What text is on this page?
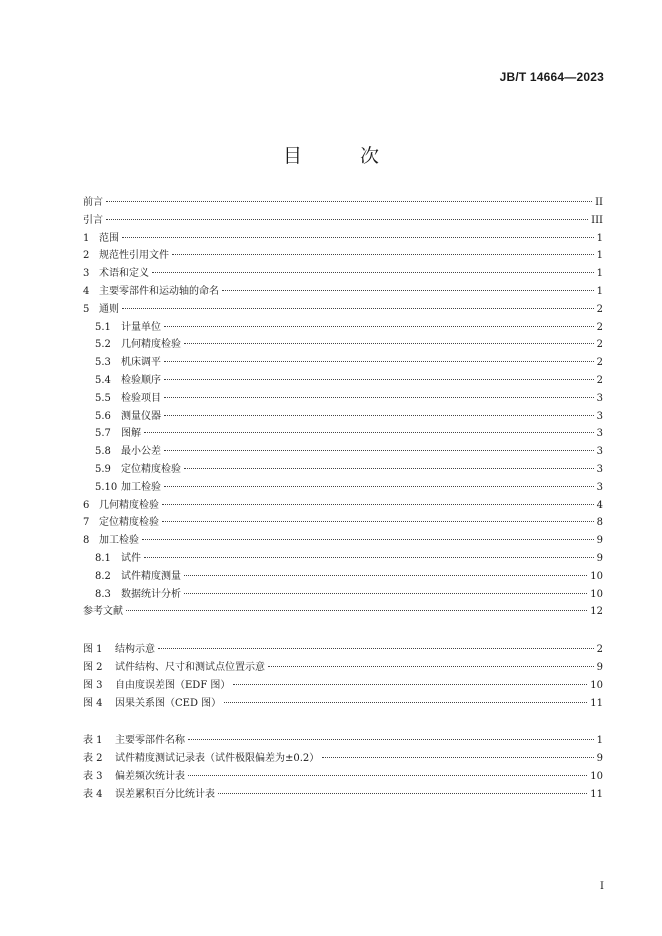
JB/T 14664—2023
目 次
前言	II
引言	III
1 范围	1
2 规范性引用文件	1
3 术语和定义	1
4 主要零部件和运动轴的命名	1
5 通则	2
5.1	计量单位	2
5.2	几何精度检验	2
5.3	机床调平	2
5.4	检验顺序	2
5.5	检验项目	3
5.6	测量仪器	3
5.7	图解	3
5.8	最小公差	3
5.9	定位精度检验	3
5.10 加工检验	3
6 几何精度检验	4
7 定位精度检验	8
8 加工检验	9
8.1	试件	9
8.2	试件精度测量	10
8.3	数据统计分析	10
参考文献	12
图 1	结构示意	2
图 2	试件结构、尺寸和测试点位置示意	9
图 3	自由度误差图（EDF 图）	10
图 4	因果关系图（CED 图）	11
表 1	主要零部件名称	1
表 2	试件精度测试记录表（试件极限偏差为±0.2）	9
表 3	偏差频次统计表	10
表 4	误差累积百分比统计表	11
I
